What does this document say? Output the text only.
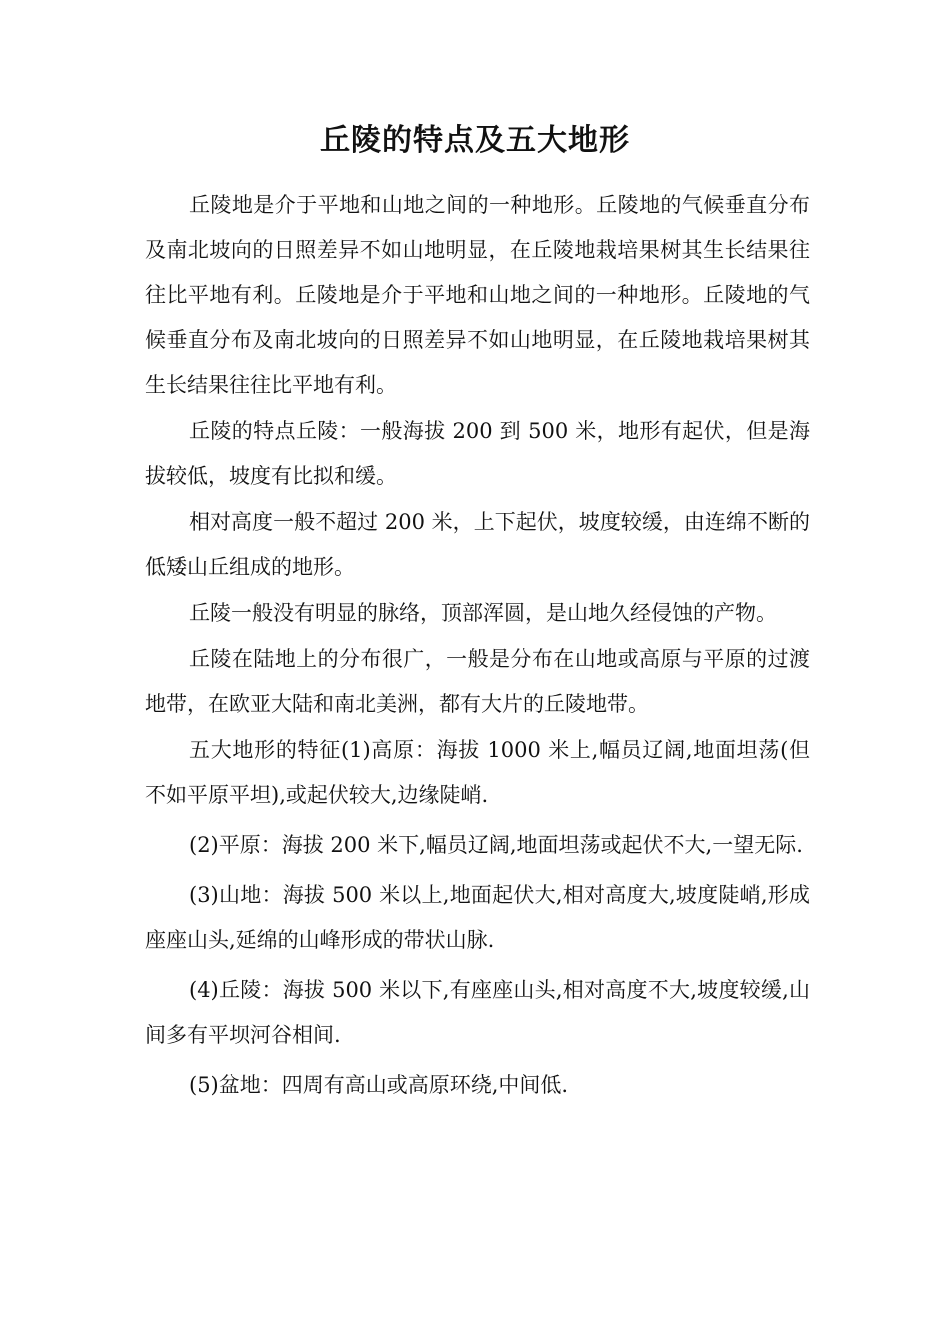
丘陵的特点及五大地形

丘陵地是介于平地和山地之间的一种地形。丘陵地的气候垂直分布及南北坡向的日照差异不如山地明显，在丘陵地栽培果树其生长结果往往比平地有利。丘陵地是介于平地和山地之间的一种地形。丘陵地的气候垂直分布及南北坡向的日照差异不如山地明显，在丘陵地栽培果树其生长结果往往比平地有利。

丘陵的特点丘陵：一般海拔 200 到 500 米，地形有起伏，但是海拔较低，坡度有比拟和缓。

相对高度一般不超过 200 米，上下起伏，坡度较缓，由连绵不断的低矮山丘组成的地形。

丘陵一般没有明显的脉络，顶部浑圆，是山地久经侵蚀的产物。

丘陵在陆地上的分布很广，一般是分布在山地或高原与平原的过渡地带，在欧亚大陆和南北美洲，都有大片的丘陵地带。

五大地形的特征(1)高原：海拔 1000 米上,幅员辽阔,地面坦荡(但不如平原平坦),或起伏较大,边缘陡峭.

(2)平原：海拔 200 米下,幅员辽阔,地面坦荡或起伏不大,一望无际.

(3)山地：海拔 500 米以上,地面起伏大,相对高度大,坡度陡峭,形成座座山头,延绵的山峰形成的带状山脉.

(4)丘陵：海拔 500 米以下,有座座山头,相对高度不大,坡度较缓,山间多有平坝河谷相间.

(5)盆地：四周有高山或高原环绕,中间低.
